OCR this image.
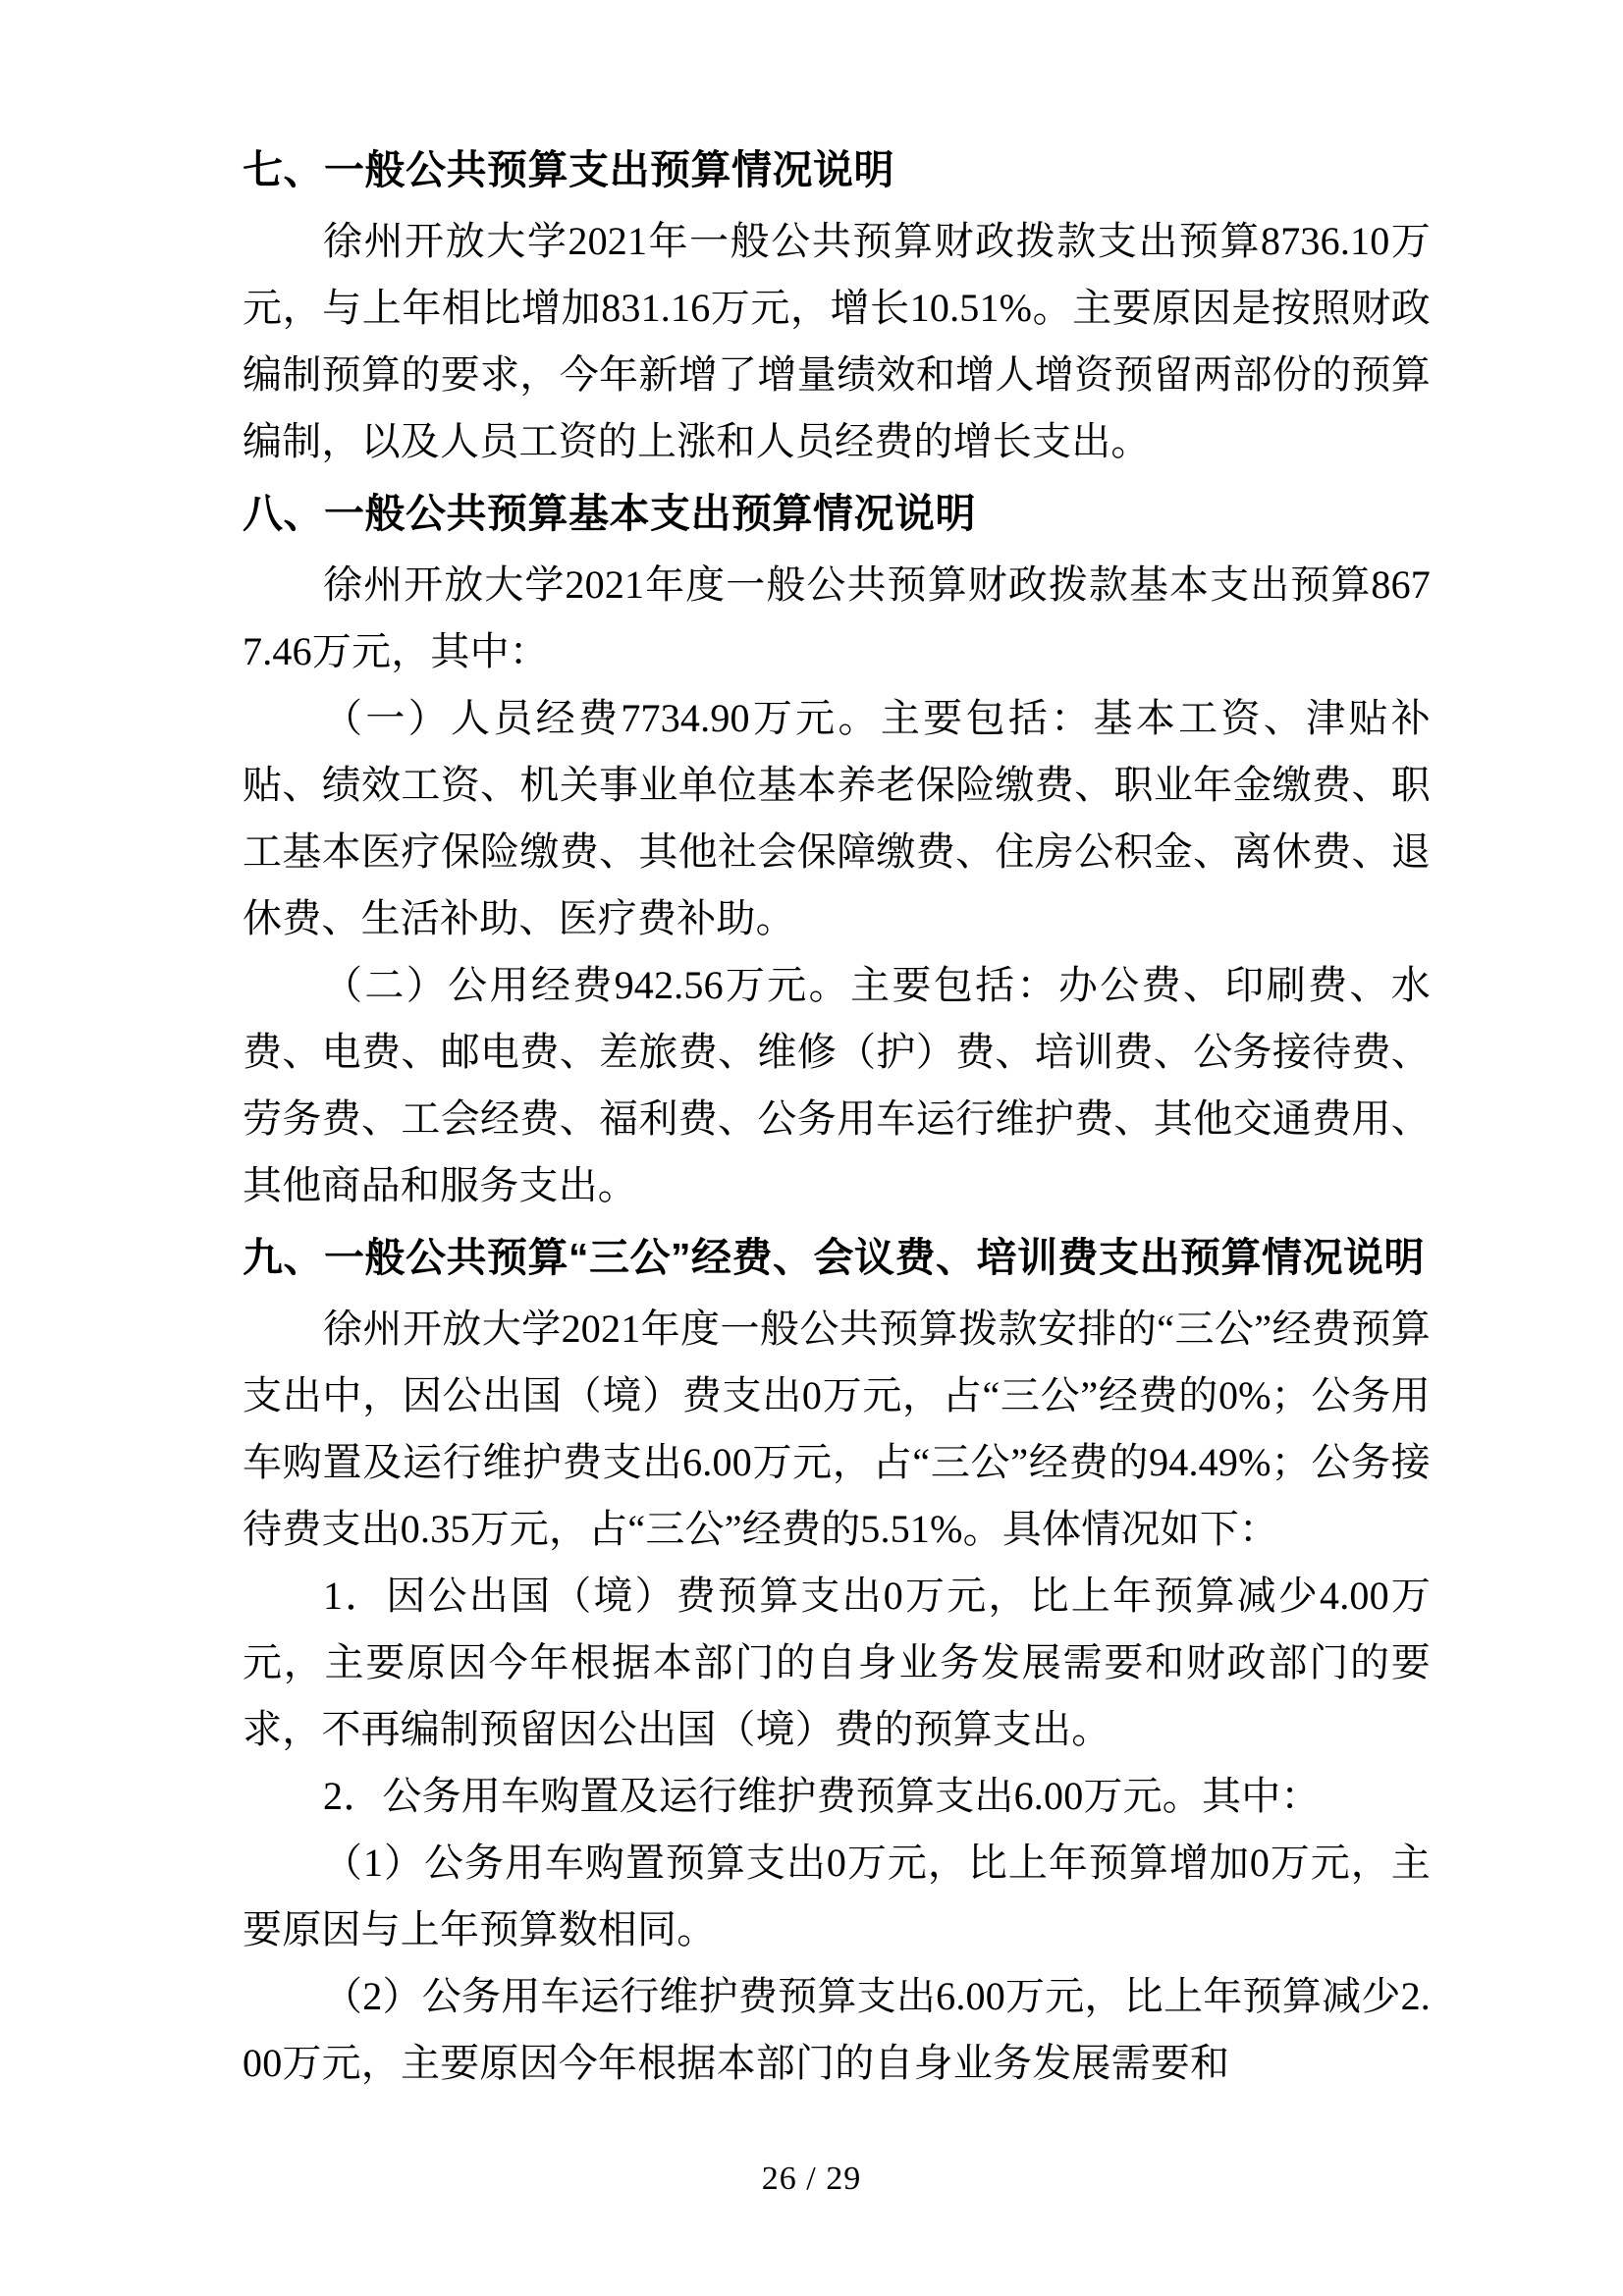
七、一般公共预算支出预算情况说明

徐州开放大学2021年一般公共预算财政拨款支出预算8736.10万元，与上年相比增加831.16万元，增长10.51%。主要原因是按照财政编制预算的要求，今年新增了增量绩效和增人增资预留两部份的预算编制，以及人员工资的上涨和人员经费的增长支出。

八、一般公共预算基本支出预算情况说明

徐州开放大学2021年度一般公共预算财政拨款基本支出预算8677.46万元，其中：

（一）人员经费7734.90万元。主要包括：基本工资、津贴补贴、绩效工资、机关事业单位基本养老保险缴费、职业年金缴费、职工基本医疗保险缴费、其他社会保障缴费、住房公积金、离休费、退休费、生活补助、医疗费补助。

（二）公用经费942.56万元。主要包括：办公费、印刷费、水费、电费、邮电费、差旅费、维修（护）费、培训费、公务接待费、劳务费、工会经费、福利费、公务用车运行维护费、其他交通费用、其他商品和服务支出。

九、一般公共预算“三公”经费、会议费、培训费支出预算情况说明

徐州开放大学2021年度一般公共预算拨款安排的“三公”经费预算支出中，因公出国（境）费支出0万元，占“三公”经费的0%；公务用车购置及运行维护费支出6.00万元，占“三公”经费的94.49%；公务接待费支出0.35万元，占“三公”经费的5.51%。具体情况如下：

1．因公出国（境）费预算支出0万元，比上年预算减少4.00万元，主要原因今年根据本部门的自身业务发展需要和财政部门的要求，不再编制预留因公出国（境）费的预算支出。

2．公务用车购置及运行维护费预算支出6.00万元。其中：

（1）公务用车购置预算支出0万元，比上年预算增加0万元，主要原因与上年预算数相同。

（2）公务用车运行维护费预算支出6.00万元，比上年预算减少2.00万元，主要原因今年根据本部门的自身业务发展需要和

26 / 29
